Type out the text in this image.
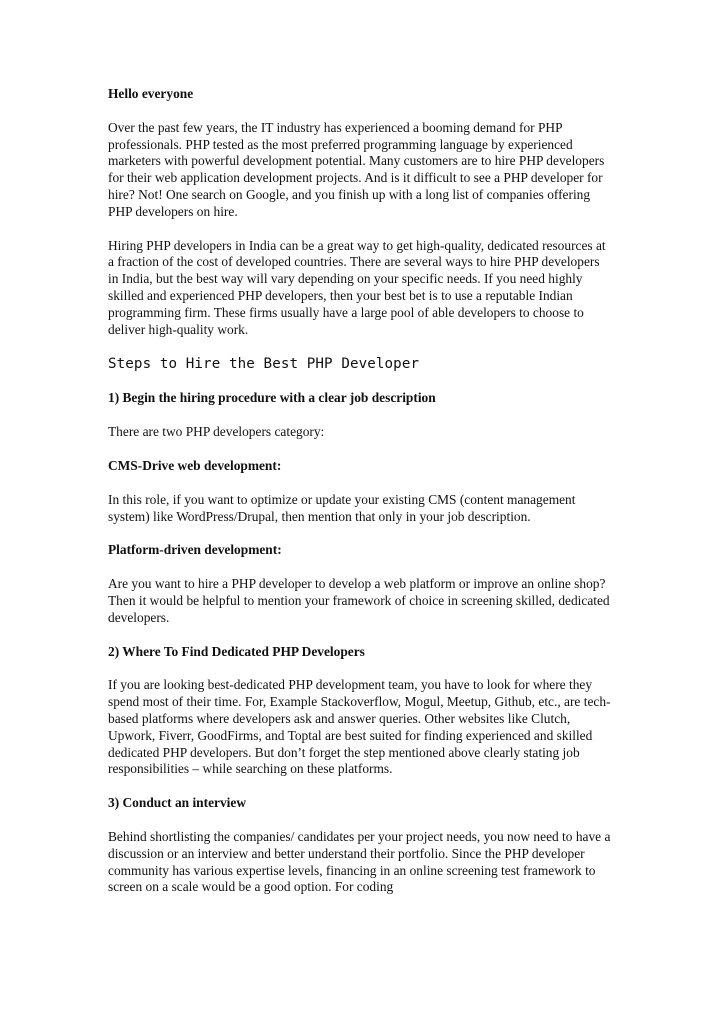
Hello everyone

Over the past few years, the IT industry has experienced a booming demand for PHP professionals. PHP tested as the most preferred programming language by experienced marketers with powerful development potential. Many customers are to hire PHP developers for their web application development projects. And is it difficult to see a PHP developer for hire? Not! One search on Google, and you finish up with a long list of companies offering PHP developers on hire.

Hiring PHP developers in India can be a great way to get high-quality, dedicated resources at a fraction of the cost of developed countries. There are several ways to hire PHP developers in India, but the best way will vary depending on your specific needs. If you need highly skilled and experienced PHP developers, then your best bet is to use a reputable Indian programming firm. These firms usually have a large pool of able developers to choose to deliver high-quality work.

Steps to Hire the Best PHP Developer

1) Begin the hiring procedure with a clear job description

There are two PHP developers category:

CMS-Drive web development:

In this role, if you want to optimize or update your existing CMS (content management system) like WordPress/Drupal, then mention that only in your job description.

Platform-driven development:

Are you want to hire a PHP developer to develop a web platform or improve an online shop? Then it would be helpful to mention your framework of choice in screening skilled, dedicated developers.

2) Where To Find Dedicated PHP Developers

If you are looking best-dedicated PHP development team, you have to look for where they spend most of their time. For, Example Stackoverflow, Mogul, Meetup, Github, etc., are tech-based platforms where developers ask and answer queries. Other websites like Clutch, Upwork, Fiverr, GoodFirms, and Toptal are best suited for finding experienced and skilled dedicated PHP developers. But don’t forget the step mentioned above clearly stating job responsibilities – while searching on these platforms.

3) Conduct an interview

Behind shortlisting the companies/ candidates per your project needs, you now need to have a discussion or an interview and better understand their portfolio. Since the PHP developer community has various expertise levels, financing in an online screening test framework to screen on a scale would be a good option. For coding
